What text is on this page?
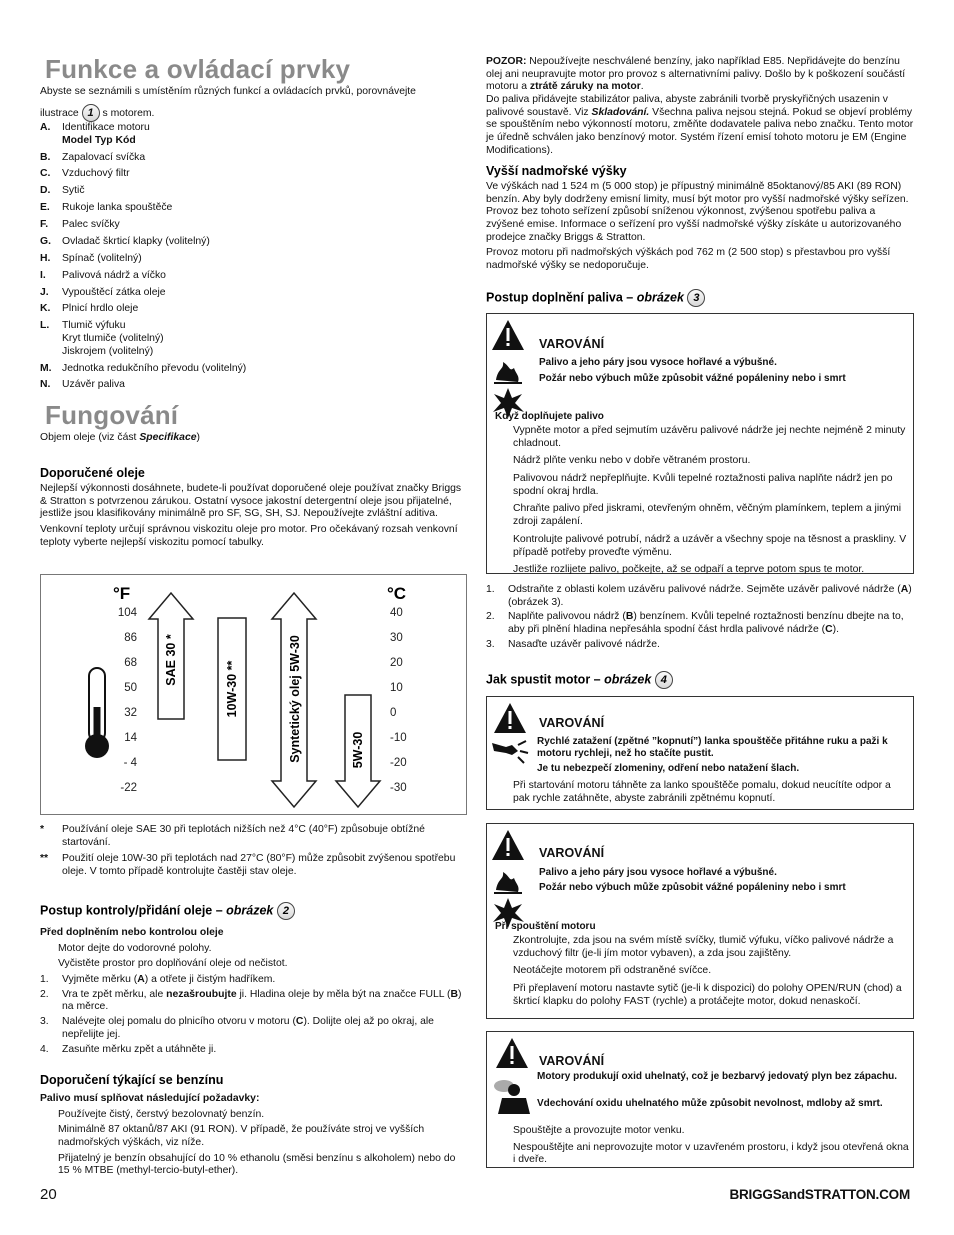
Funkce a ovládací prvky
Abyste se seznámili s umístěním různých funkcí a ovládacích prvků, porovnávejte
ilustrace 1 s motorem.
A.	Identifikace motoru
Model Typ Kód
B.	Zapalovací svíčka
C.	Vzduchový filtr
D.	Sytič
E.	Rukoje lanka spouštěče
F.	Palec svíčky
G.	Ovladač škrticí klapky (volitelný)
H.	Spínač (volitelný)
I.	Palivová nádrž a víčko
J.	Vypouštěcí zátka oleje
K.	Plnicí hrdlo oleje
L.	Tlumič výfuku
Kryt tlumiče (volitelný)
Jiskrojem (volitelný)
M.	Jednotka redukčního převodu (volitelný)
N.	Uzávěr paliva
Fungování
Objem oleje (viz část Specifikace)
Doporučené oleje

Nejlepší výkonnosti dosáhnete, budete-li používat doporučené oleje používat značky Briggs & Stratton s potvrzenou zárukou. Ostatní vysoce jakostní detergentní oleje jsou přijatelné, jestliže jsou klasifikovány minimálně pro SF, SG, SH, SJ. Nepoužívejte zvláštní aditiva.

Venkovní teploty určují správnou viskozitu oleje pro motor. Pro očekávaný rozsah venkovní teploty vyberte nejlepší viskozitu pomocí tabulky.

°F	°C
104
86
68
50
32
14
- 4
-22
40
30
20
10
0
-10
-20
-30
SAE 30 *
10W-30 **	Syntetický olej 5W-30	5W-30
*	Používání oleje SAE 30 při teplotách nižších než 4°C (40°F) způsobuje obtížné startování.
**	Použití oleje 10W-30 při teplotách nad 27°C (80°F) může způsobit zvýšenou spotřebu oleje. V tomto případě kontrolujte častěji stav oleje.
Postup kontroly/přidání oleje – obrázek 2

Před doplněním nebo kontrolou oleje

Motor dejte do vodorovné polohy.

Vyčistěte prostor pro doplňování oleje od nečistot.

1.	Vyjměte měrku (A) a otřete ji čistým hadříkem.
2.	Vra te zpět měrku, ale nezašroubujte ji. Hladina oleje by měla být na značce FULL (B) na měrce.
3.	Nalévejte olej pomalu do plnicího otvoru v motoru (C). Dolijte olej až po okraj, ale nepřelijte jej.
4.	Zasuňte měrku zpět a utáhněte ji.
Doporučení týkající se benzínu

Palivo musí splňovat následující požadavky:

Používejte čistý, čerstvý bezolovnatý benzín.

Minimálně 87 oktanů/87 AKI (91 RON). V případě, že používáte stroj ve vyšších nadmořských výškách, viz níže.

Přijatelný je benzín obsahující do 10 % ethanolu (směsi benzínu s alkoholem) nebo do 15 % MTBE (methyl-tercio-butyl-ether).

POZOR: Nepoužívejte neschválené benzíny, jako například E85. Nepřidávejte do benzínu olej ani neupravujte motor pro provoz s alternativními palivy. Došlo by k poškození součástí motoru a ztrátě záruky na motor.

Do paliva přidávejte stabilizátor paliva, abyste zabránili tvorbě pryskyřičných usazenin v palivové soustavě. Viz Skladování. Všechna paliva nejsou stejná. Pokud se objeví problémy se spouštěním nebo výkonností motoru, změňte dodavatele paliva nebo značku. Tento motor je úředně schválen jako benzínový motor. Systém řízení emisí tohoto motoru je EM (Engine Modifications).

Vyšší nadmořské výšky

Ve výškách nad 1 524 m (5 000 stop) je přípustný minimálně 85oktanový/85 AKI (89 RON) benzín. Aby byly dodrženy emisní limity, musí být motor pro vyšší nadmořské výšky seřízen. Provoz bez tohoto seřízení způsobí sníženou výkonnost, zvýšenou spotřebu paliva a zvýšené emise. Informace o seřízení pro vyšší nadmořské výšky získáte u autorizovaného prodejce značky Briggs & Stratton.

Provoz motoru při nadmořských výškách pod 762 m (2 500 stop) s přestavbou pro vyšší nadmořské výšky se nedoporučuje.

Postup doplnění paliva – obrázek 3
VAROVÁNÍ
Palivo a jeho páry jsou vysoce hořlavé a výbušné.
Požár nebo výbuch může způsobit vážné popáleniny nebo i smrt
Když doplňujete palivo

Vypněte motor a před sejmutím uzávěru palivové nádrže jej nechte nejméně 2 minuty chladnout.

Nádrž plňte venku nebo v dobře větraném prostoru.

Palivovou nádrž nepřeplňujte. Kvůli tepelné roztažnosti paliva naplňte nádrž jen po spodní okraj hrdla.

Chraňte palivo před jiskrami, otevřeným ohněm, věčným plamínkem, teplem a jinými zdroji zapálení.

Kontrolujte palivové potrubí, nádrž a uzávěr a všechny spoje na těsnost a praskliny. V případě potřeby proveďte výměnu.

Jestliže rozlijete palivo, počkejte, až se odpaří a teprve potom spus te motor.

1.	Odstraňte z oblasti kolem uzávěru palivové nádrže. Sejměte uzávěr palivové nádrže (A) (obrázek 3).
2.	Naplňte palivovou nádrž (B) benzínem. Kvůli tepelné roztažnosti benzínu dbejte na to, aby při plnění hladina nepřesáhla spodní část hrdla palivové nádrže (C).
3.	Nasaďte uzávěr palivové nádrže.
Jak spustit motor – obrázek 4
VAROVÁNÍ
Rychlé zatažení (zpětné ”kopnutí”) lanka spouštěče přitáhne ruku a paži k motoru rychleji, než ho stačíte pustit.
Je tu nebezpečí zlomeniny, odření nebo natažení šlach.
Při startování motoru táhněte za lanko spouštěče pomalu, dokud neucítíte odpor a pak rychle zatáhněte, abyste zabránili zpětnému kopnutí.
VAROVÁNÍ
Palivo a jeho páry jsou vysoce hořlavé a výbušné.
Požár nebo výbuch může způsobit vážné popáleniny nebo i smrt
Při spouštění motoru

Zkontrolujte, zda jsou na svém místě svíčky, tlumič výfuku, víčko palivové nádrže a vzduchový filtr (je-li jím motor vybaven), a zda jsou zajištěny.

Neotáčejte motorem při odstraněné svíčce.

Při přeplavení motoru nastavte sytič (je-li k dispozici) do polohy OPEN/RUN (chod) a škrticí klapku do polohy FAST (rychle) a protáčejte motor, dokud nenaskočí.

VAROVÁNÍ
Motory produkují oxid uhelnatý, což je bezbarvý jedovatý plyn bez zápachu.
Vdechování oxidu uhelnatého může způsobit nevolnost, mdloby až smrt.

Spouštějte a provozujte motor venku.

Nespouštějte ani neprovozujte motor v uzavřeném prostoru, i když jsou otevřená okna i dveře.

20	BRIGGSandSTRATTON.COM
